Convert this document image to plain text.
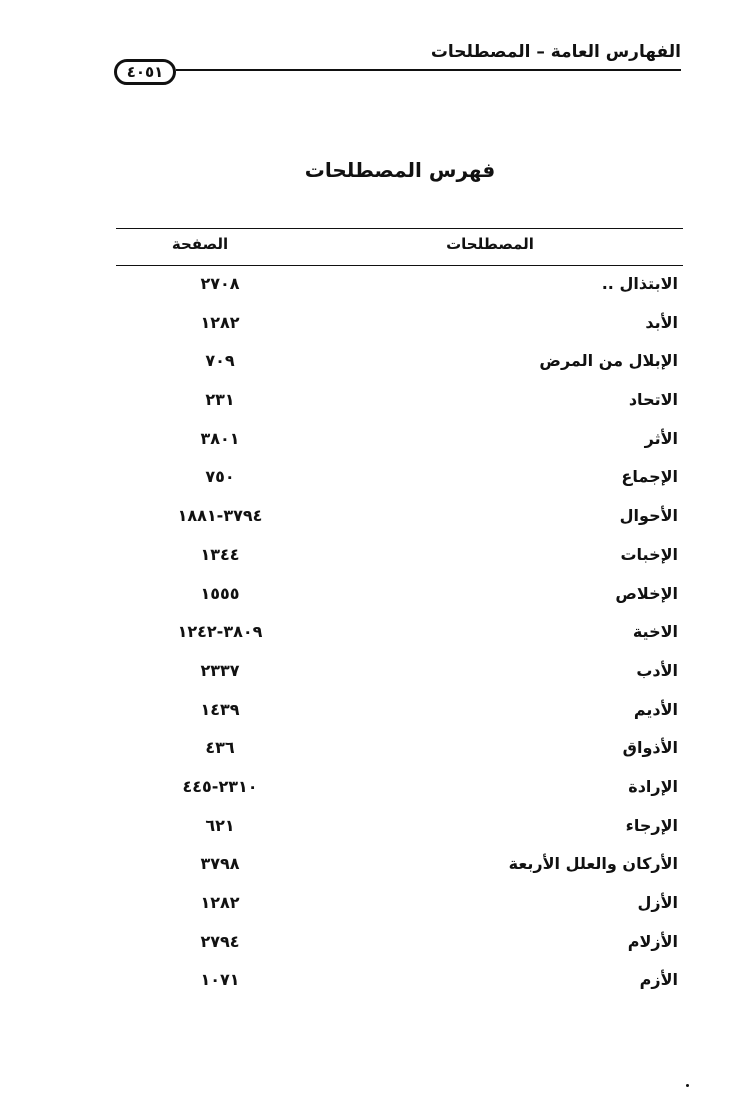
الفهارس العامة – المصطلحات
٤٠٥١
فهرس المصطلحات
المصطلحات
الصفحة
الابتذال ..
٢٧٠٨
الأبد
١٢٨٢
الإبلال من المرض
٧٠٩
الاتحاد
٢٣١
الأثر
٣٨٠١
الإجماع
٧٥٠
الأحوال
٣٧٩٤-١٨٨١
الإخبات
١٣٤٤
الإخلاص
١٥٥٥
الاخية
٣٨٠٩-١٢٤٢
الأدب
٢٣٣٧
الأديم
١٤٣٩
الأذواق
٤٣٦
الإرادة
٢٣١٠-٤٤٥
الإرجاء
٦٢١
الأركان والعلل الأربعة
٣٧٩٨
الأزل
١٢٨٢
الأزلام
٢٧٩٤
الأزم
١٠٧١
